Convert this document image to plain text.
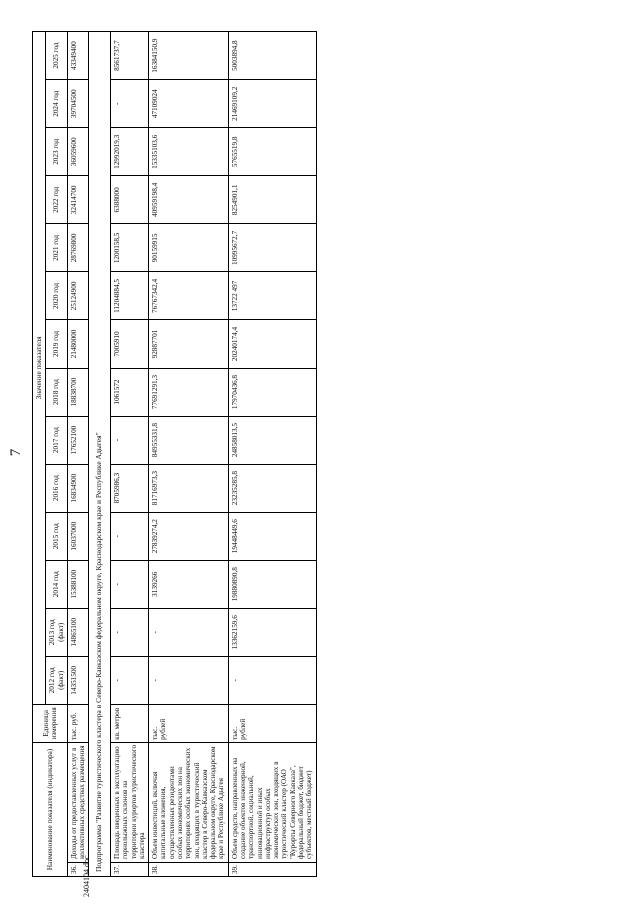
7
Наименование показателя (индикатора)		Единица измерения	Значение показателя													
			2012 год (факт)	2013 год (факт)	2014 год	2015 год	2016 год	2017 год	2018 год	2019 год	2020 год	2021 год	2022 год	2023 год	2024 год	2025 год
36.	Доходы от предоставленных услуг в коллективных средствах размещения	тыс. руб.	14351500	14865100	15388100	16037000	16834900	17652100	18838700	21480000	25124900	28769800	32414700	36059600	39704500	43349400
Подпрограмма "Развитие туристического кластера в Северо-Кавказском федеральном округе, Краснодарском крае и Республике Адыгея"																
37.	Площадь введенных в эксплуатацию горнолыжных склонов на территории курортов туристического кластера	кв. метров	-	-	-	-	8705986,3	-	1061572	7005910	11204884,5	1200158,5	6388000	12992019,3	-	8561737,7
38.	Объем инвестиций, включая капитальные вложения, осуществленных резидентами особых экономических зон на территориях особых экономических зон, входящих в туристический кластер в Северо-Кавказском федеральном округе, Краснодарском крае и Республике Адыгея	тыс. рублей	-	-	3139266	27839274,2	81716973,3	84955331,8	77691291,3	92887701	76767342,4	90159915	40959198,4	15335103,6	47109024	16384150,9
39.	Объем средств, направленных на создание объектов инженерной, транспортной, социальной, инновационной и иных инфраструктур особых экономических зон, входящих в туристический кластер (ОАО "Курорты Северного Кавказа", федеральный бюджет, бюджет субъектов, местный бюджет)	тыс. рублей	-	13362159,6	19880890,8	19448449,6	23235285,8	24858013,5	17970436,8	20240174,4	13722 497	10995672,7	8254901,1	5765519,8	21469109,2	5003894,8
2404104.doc
